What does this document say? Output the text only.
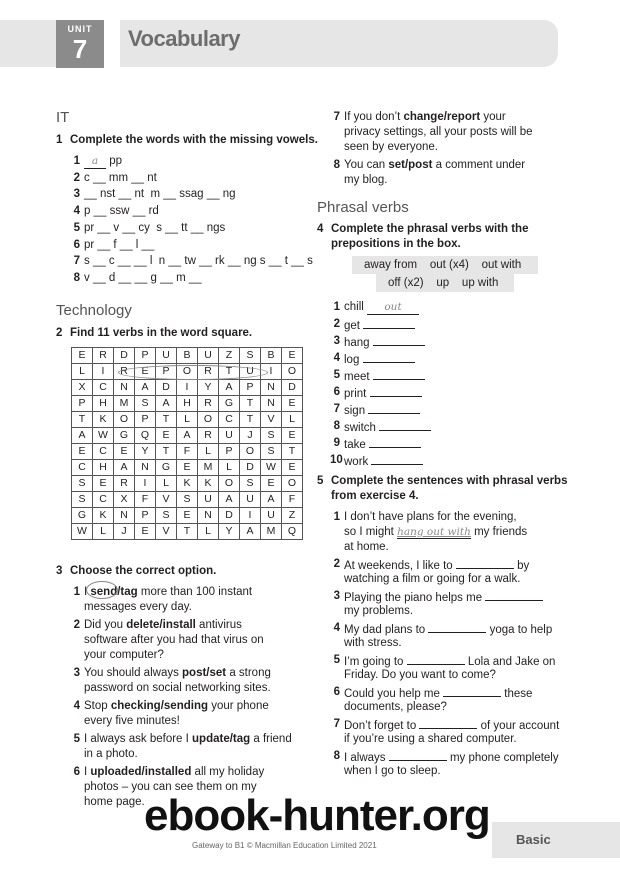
UNIT
7	Vocabulary
IT
1 Complete the words with the missing vowels.
1	a pp
2 c __ mm __ nt
3 __ nst __ nt  m __ ssag __ ng
4 p __ ssw __ rd
5 pr __ v __ cy  s __ tt __ ngs
6 pr __ f __ l __
7 s __ c __ __ l  n __ tw __ rk __ ng s __ t __ s
8 v __ d __ __ g __ m __
Technology
2 Find 11 verbs in the word square.
E	R	D	P	U	B	U	Z	S	B	E
L	I	R	E	P	O	R	T	U	I	O
X	C	N	A	D	I	Y	A	P	N	D
P	H	M	S	A	H	R	G	T	N	E
T	K	O	P	T	L	O	C	T	V	L
A	W	G	Q	E	A	R	U	J	S	E
E	C	E	Y	T	F	L	P	O	S	T
C	H	A	N	G	E	M	L	D	W	E
S	E	R	I	L	K	K	O	S	E	O
S	C	X	F	V	S	U	A	U	A	F
G	K	N	P	S	E	N	D	I	U	Z
W	L	J	E	V	T	L	Y	A	M	Q
3 Choose the correct option.
1 I send/tag more than 100 instant
messages every day.
2 Did you delete/install antivirus
software after you had that virus on
your computer?
3 You should always post/set a strong
password on social networking sites.
4 Stop checking/sending your phone
every five minutes!
5 I always ask before I update/tag a friend
in a photo.
6 I uploaded/installed all my holiday
photos – you can see them on my
home page.
7 If you don’t change/report your
privacy settings, all your posts will be
seen by everyone.
8 You can set/post a comment under
my blog.
Phrasal verbs
4 Complete the phrasal verbs with the
prepositions in the box.
away from    out (x4)    out with
off (x2)    up    up with
1 chill out
2 get
3 hang
4 log
5 meet
6 print
7 sign
8 switch
9 take
10 work
5 Complete the sentences with phrasal verbs
from exercise 4.
1 I don’t have plans for the evening,
so I might hang out with my friends
at home.
2 At weekends, I like to	by
watching a film or going for a walk.
3 Playing the piano helps me
my problems.
4 My dad plans to	yoga to help
with stress.
5 I’m going to	Lola and Jake on
Friday. Do you want to come?
6 Could you help me	these
documents, please?
7 Don’t forget to	of your account
if you’re using a shared computer.
8 I always	my phone completely
when I go to sleep.
Gateway to B1 © Macmillan Education Limited 2021	Basic
ebook-hunter.org
